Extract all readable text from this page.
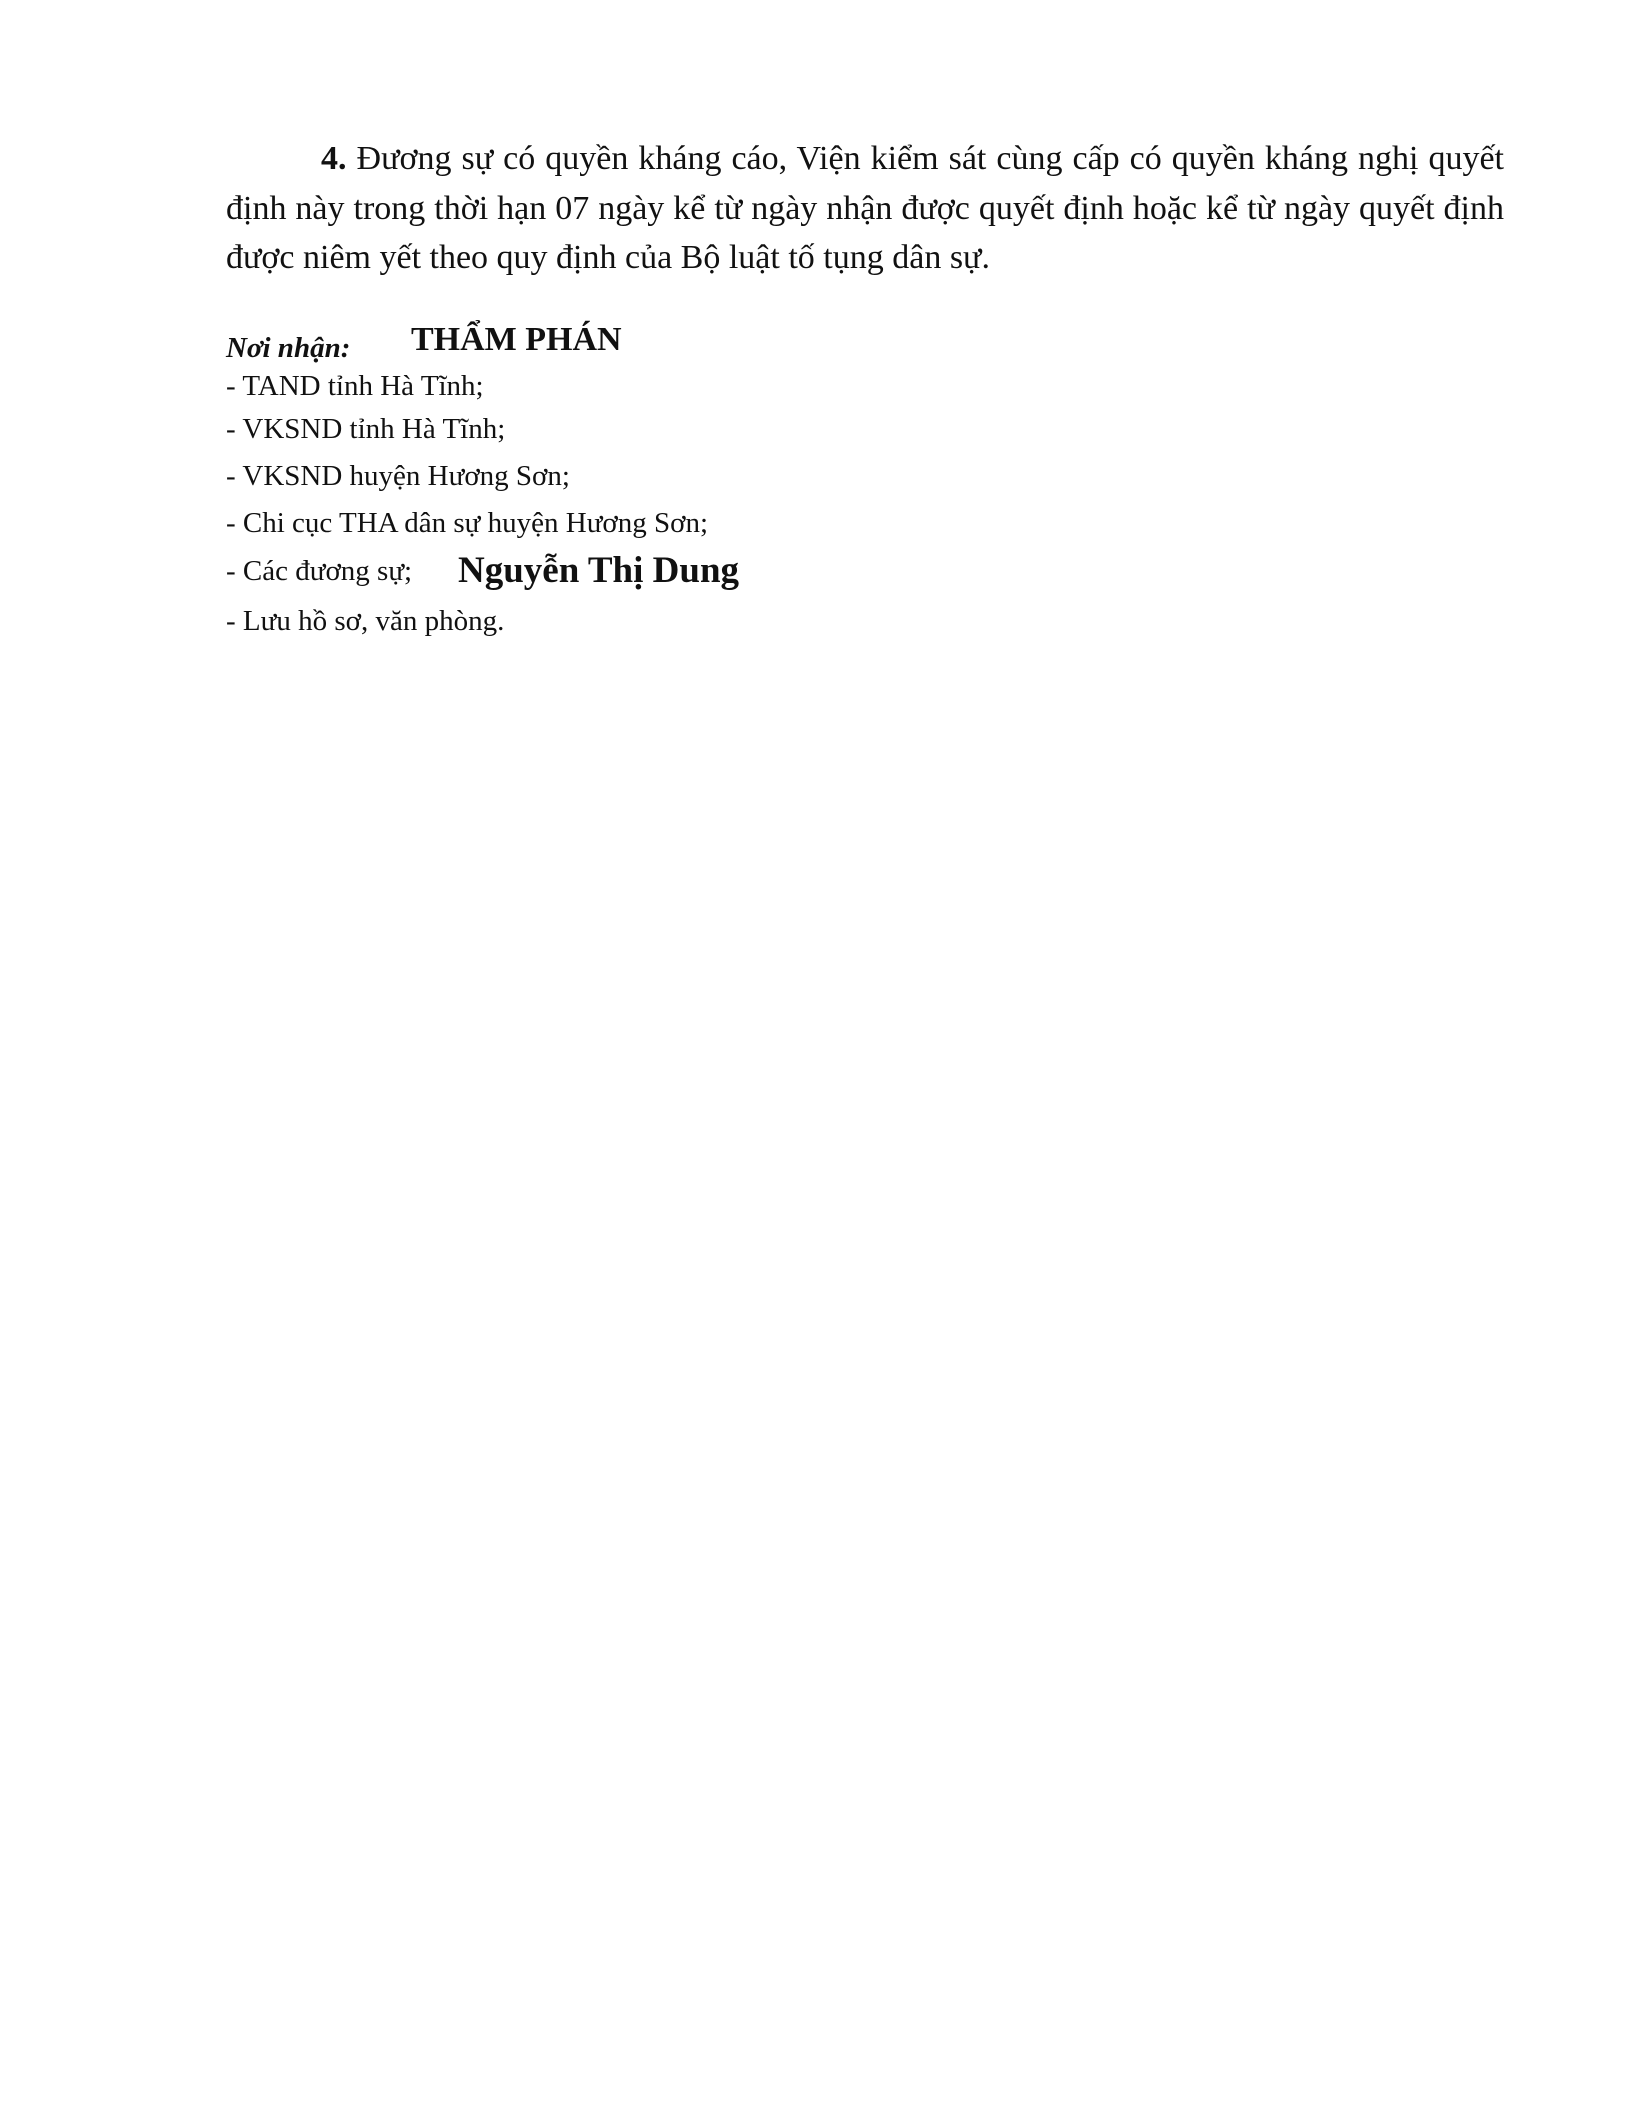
4. Đương sự có quyền kháng cáo, Viện kiểm sát cùng cấp có quyền kháng nghị quyết định này trong thời hạn 07 ngày kể từ ngày nhận được quyết định hoặc kể từ ngày quyết định được niêm yết theo quy định của Bộ luật tố tụng dân sự.

Nơi nhận: THẨM PHÁN
- TAND tỉnh Hà Tĩnh;
- VKSND tỉnh Hà Tĩnh;
- VKSND huyện Hương Sơn;
- Chi cục THA dân sự huyện Hương Sơn;
- Các đương sự;
- Lưu hồ sơ, văn phòng.
Nguyễn Thị Dung
